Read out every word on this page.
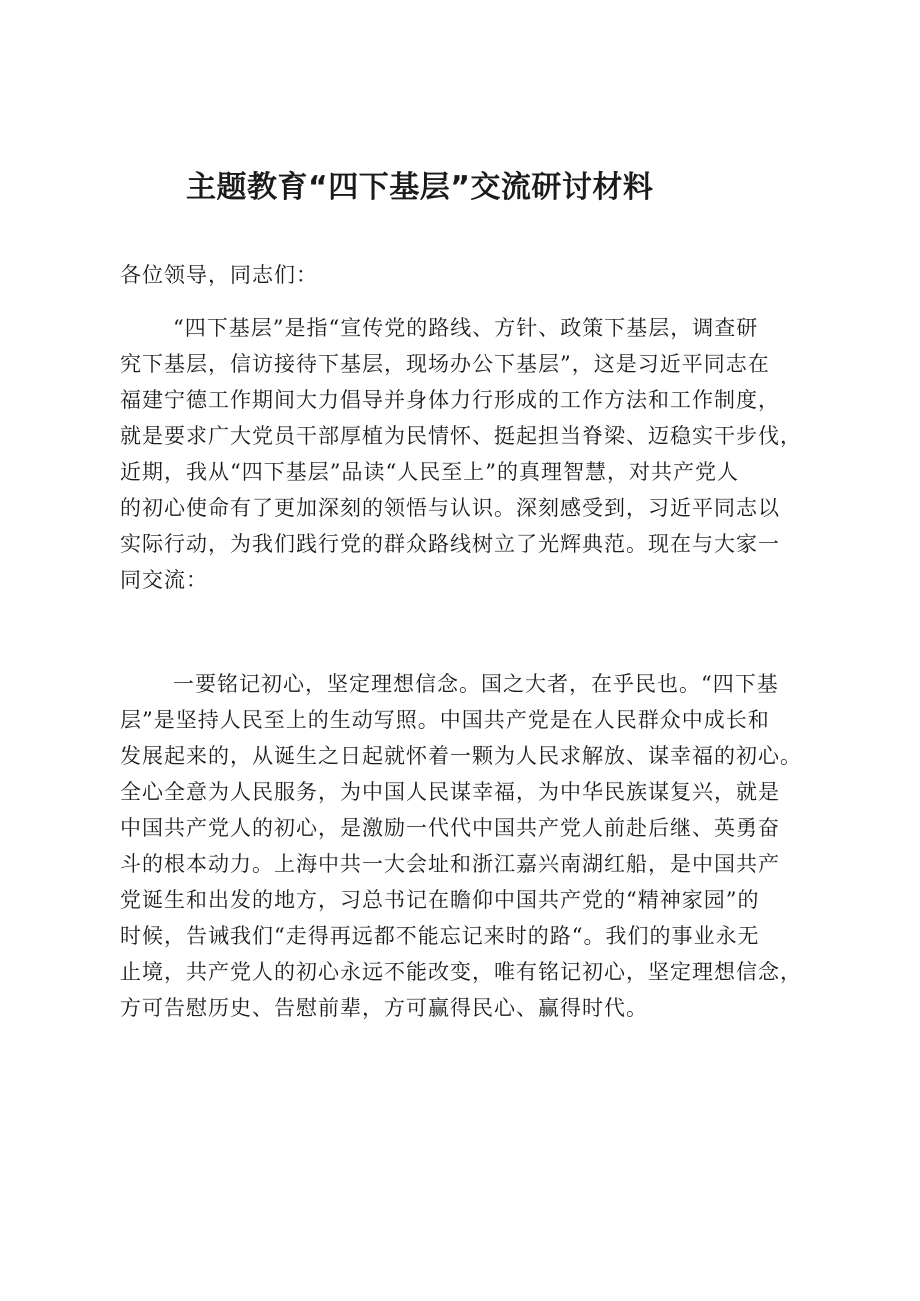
主题教育“四下基层”交流研讨材料
各位领导，同志们：
“四下基层”是指“宣传党的路线、方针、政策下基层，调查研
究下基层，信访接待下基层，现场办公下基层”，这是习近平同志在
福建宁德工作期间大力倡导并身体力行形成的工作方法和工作制度，
就是要求广大党员干部厚植为民情怀、挺起担当脊梁、迈稳实干步伐，
近期，我从“四下基层”品读“人民至上”的真理智慧，对共产党人
的初心使命有了更加深刻的领悟与认识。深刻感受到，习近平同志以
实际行动，为我们践行党的群众路线树立了光辉典范。现在与大家一
同交流：
一要铭记初心，坚定理想信念。国之大者，在乎民也。“四下基
层”是坚持人民至上的生动写照。中国共产党是在人民群众中成长和
发展起来的，从诞生之日起就怀着一颗为人民求解放、谋幸福的初心。
全心全意为人民服务，为中国人民谋幸福，为中华民族谋复兴，就是
中国共产党人的初心，是激励一代代中国共产党人前赴后继、英勇奋
斗的根本动力。上海中共一大会址和浙江嘉兴南湖红船，是中国共产
党诞生和出发的地方，习总书记在瞻仰中国共产党的“精神家园”的
时候，告诫我们“走得再远都不能忘记来时的路“。我们的事业永无
止境，共产党人的初心永远不能改变，唯有铭记初心，坚定理想信念，
方可告慰历史、告慰前辈，方可赢得民心、赢得时代。
